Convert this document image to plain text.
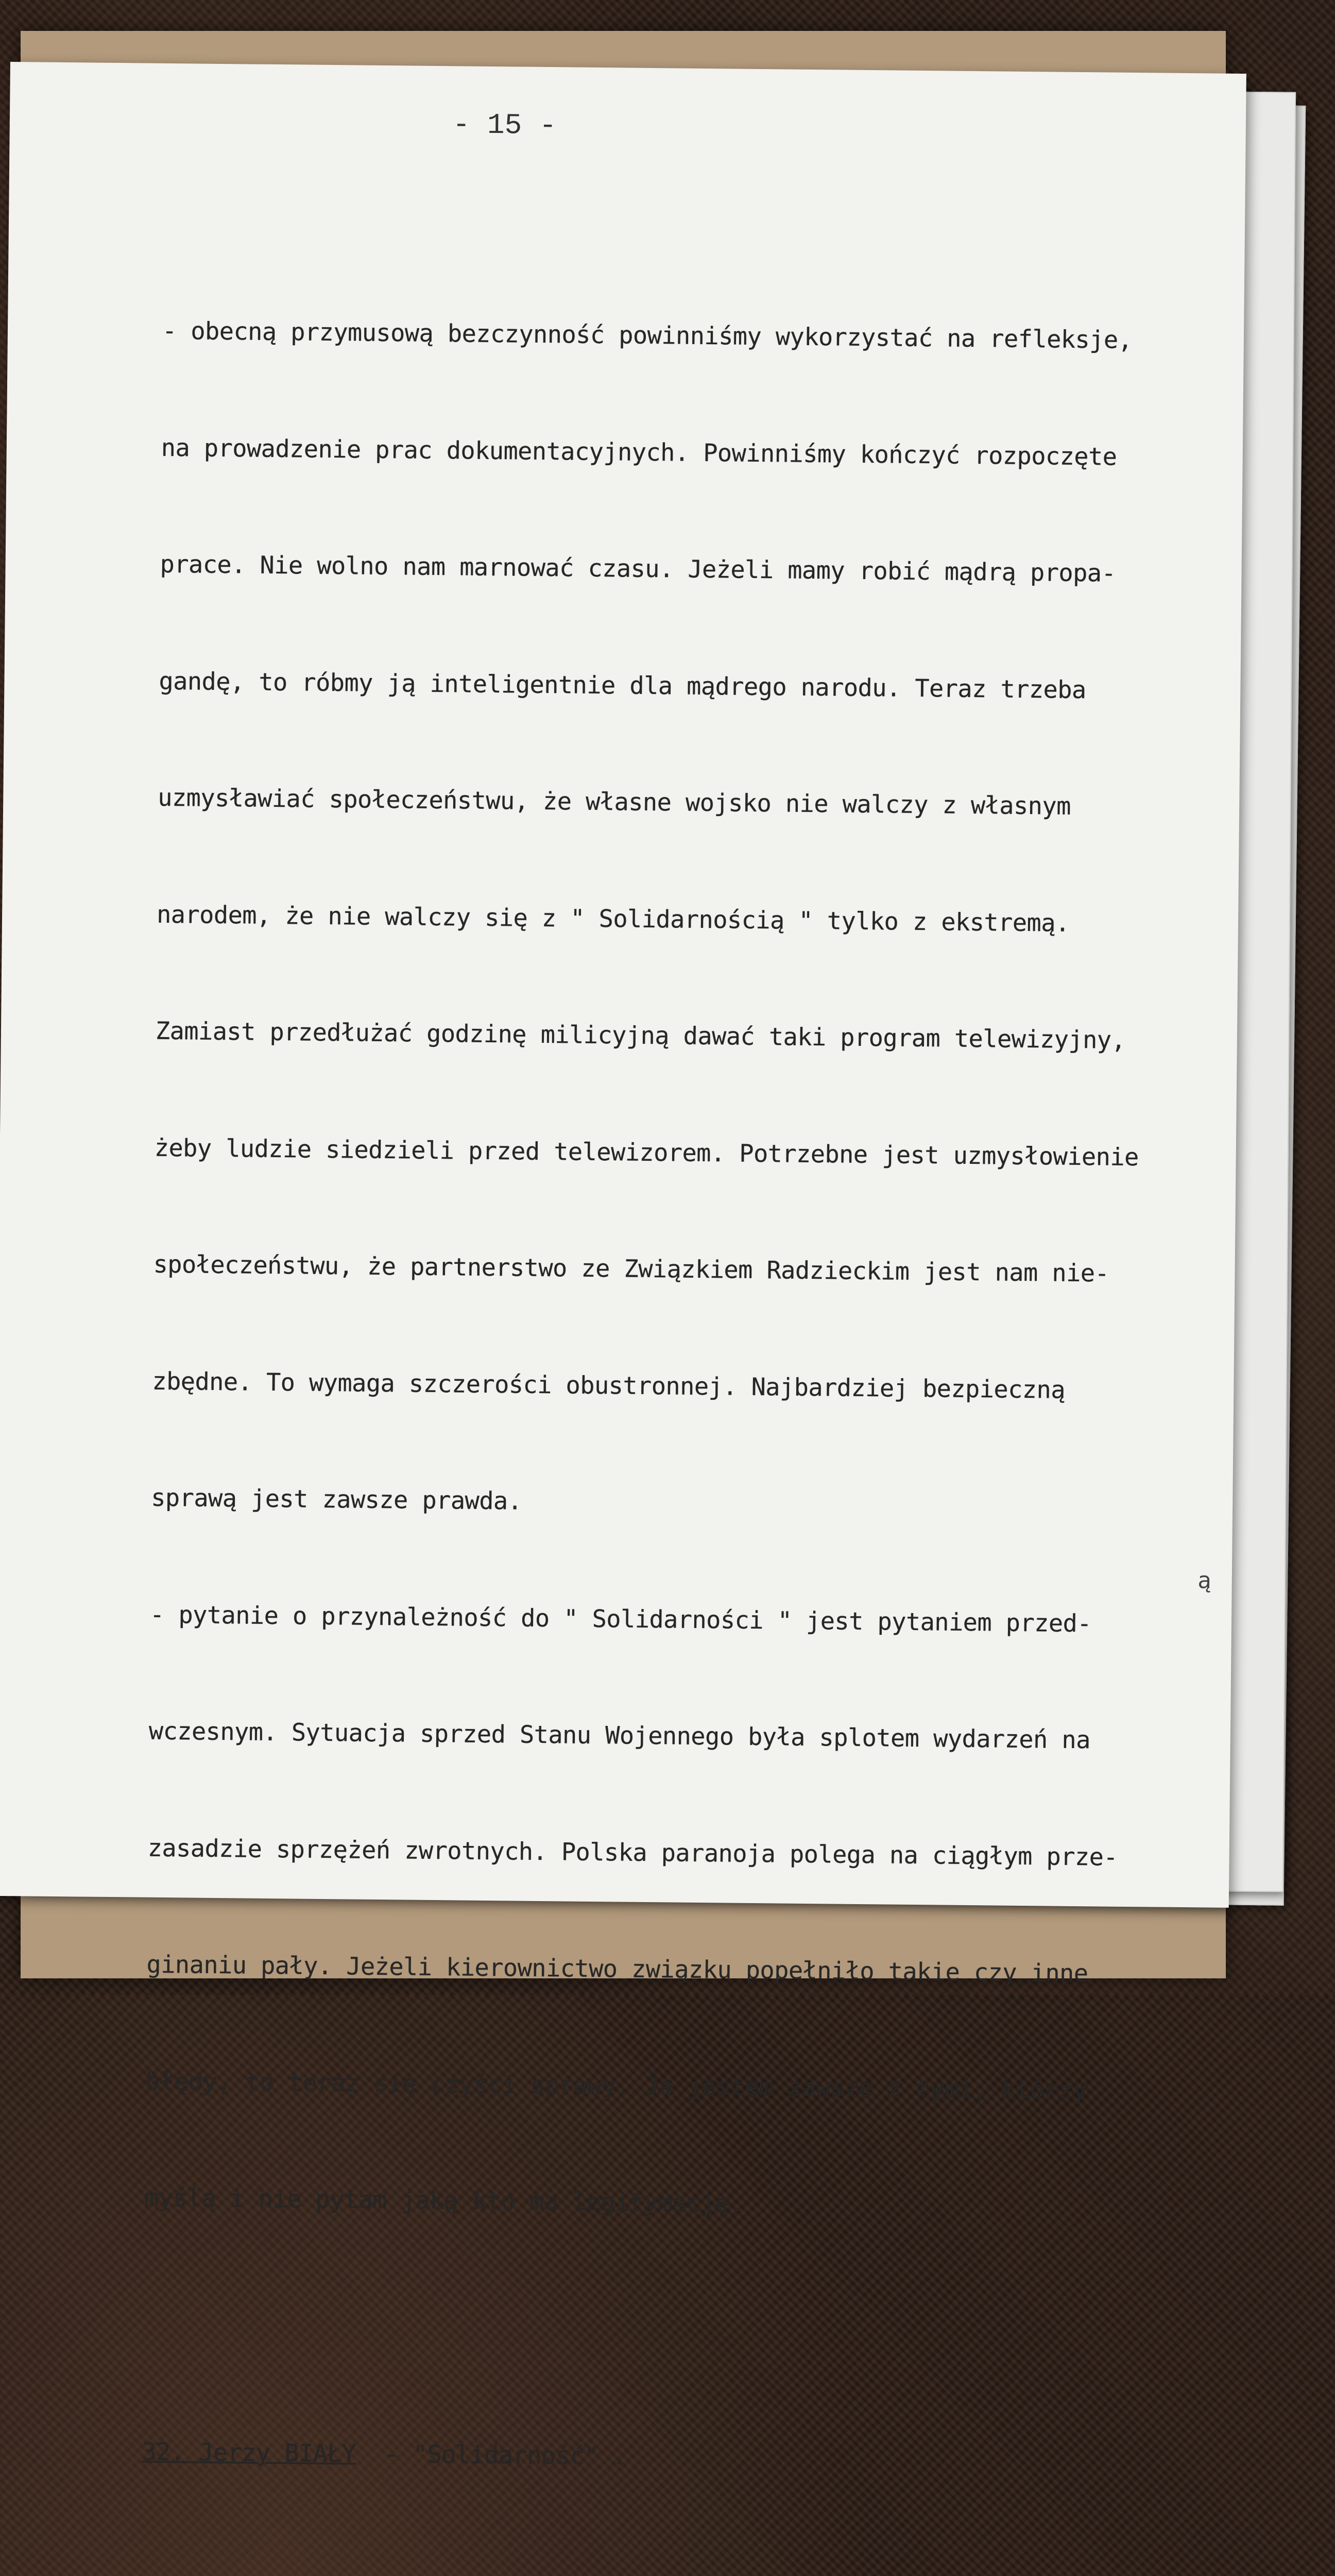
- 15 -

- obecną przymusową bezczynność powinniśmy wykorzystać na refleksje,

na prowadzenie prac dokumentacyjnych. Powinniśmy kończyć rozpoczęte

prace. Nie wolno nam marnować czasu. Jeżeli mamy robić mądrą propa-

gandę, to róbmy ją inteligentnie dla mądrego narodu. Teraz trzeba

uzmysławiać społeczeństwu, że własne wojsko nie walczy z własnym

narodem, że nie walczy się z " Solidarnością " tylko z ekstremą.

Zamiast przedłużać godzinę milicyjną dawać taki program telewizyjny,

żeby ludzie siedzieli przed telewizorem. Potrzebne jest uzmysłowienie

społeczeństwu, że partnerstwo ze Związkiem Radzieckim jest nam nie-

zbędne. To wymaga szczerości obustronnej. Najbardziej bezpieczną

sprawą jest zawsze prawda.

- pytanie o przynależność do " Solidarności " jest pytaniem przed-

wczesnym. Sytuacja sprzed Stanu Wojennego była splotem wydarzeń na

zasadzie sprzężeń zwrotnych. Polska paranoja polega na ciągłym prze-

ginaniu pały. Jeżeli kierownictwo związku popełniło takie czy inne

błędy, to teraz się czyści sprawy. Ja jestem zawsze z tymi, którzy

myślą i nie pytam jaką kto ma legitymację.

32. Jerzy BIAŁY  - "Solidarność" .

ą
